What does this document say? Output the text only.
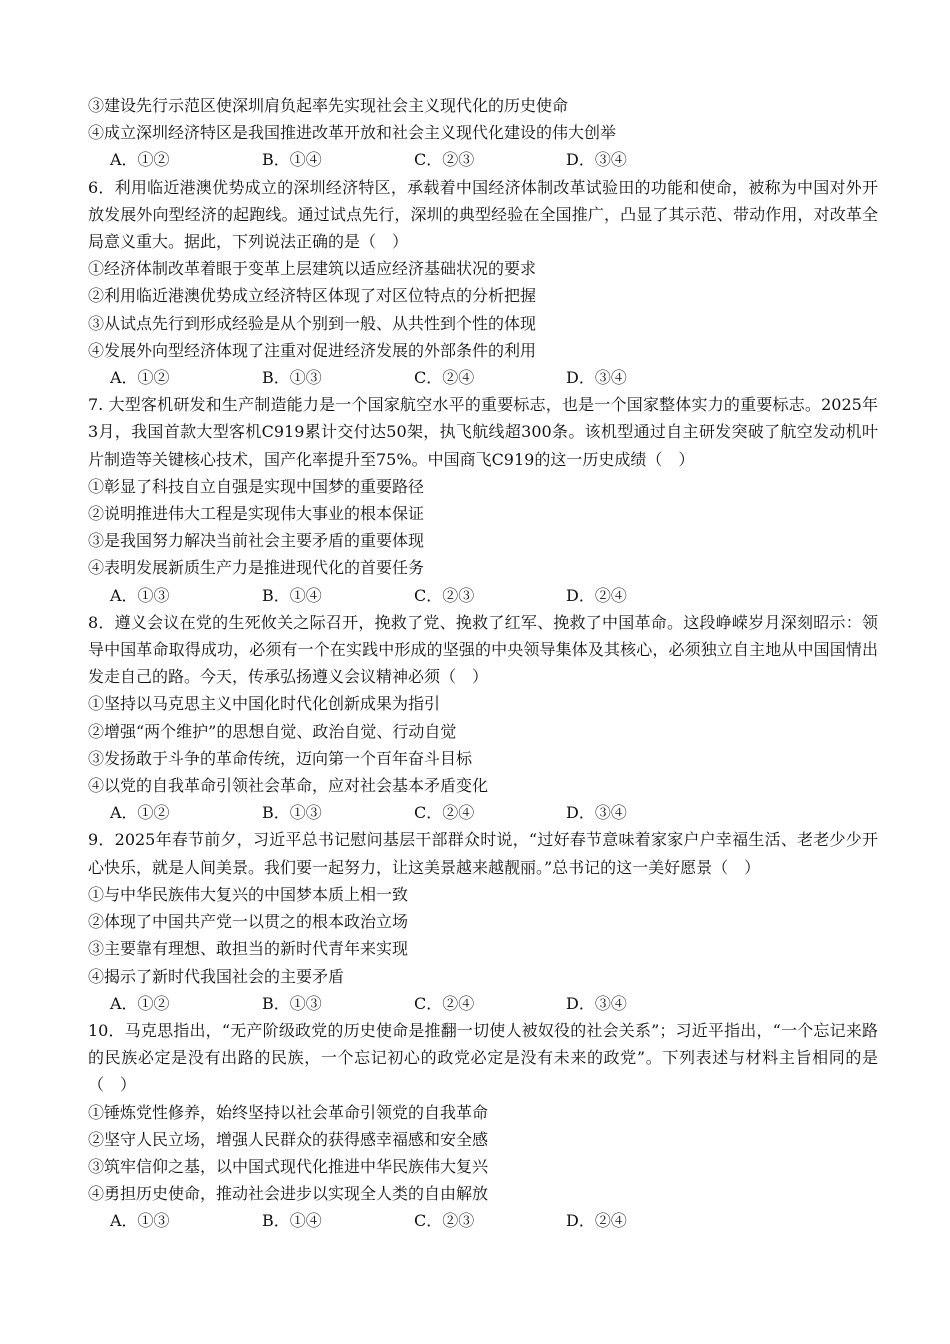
③建设先行示范区使深圳肩负起率先实现社会主义现代化的历史使命
④成立深圳经济特区是我国推进改革开放和社会主义现代化建设的伟大创举
A．①②	B．①④	C．②③	D．③④
6．利用临近港澳优势成立的深圳经济特区，承载着中国经济体制改革试验田的功能和使命，被称为中国对外开放发展外向型经济的起跑线。通过试点先行，深圳的典型经验在全国推广，凸显了其示范、带动作用，对改革全局意义重大。据此，下列说法正确的是（　）
①经济体制改革着眼于变革上层建筑以适应经济基础状况的要求
②利用临近港澳优势成立经济特区体现了对区位特点的分析把握
③从试点先行到形成经验是从个别到一般、从共性到个性的体现
④发展外向型经济体现了注重对促进经济发展的外部条件的利用
A．①②	B．①③	C．②④	D．③④
7. 大型客机研发和生产制造能力是一个国家航空水平的重要标志，也是一个国家整体实力的重要标志。2025年3月，我国首款大型客机C919累计交付达50架，执飞航线超300条。该机型通过自主研发突破了航空发动机叶片制造等关键核心技术，国产化率提升至75%。中国商飞C919的这一历史成绩（　）
①彰显了科技自立自强是实现中国梦的重要路径
②说明推进伟大工程是实现伟大事业的根本保证
③是我国努力解决当前社会主要矛盾的重要体现
④表明发展新质生产力是推进现代化的首要任务
A．①③	B．①④	C．②③	D．②④
8．遵义会议在党的生死攸关之际召开，挽救了党、挽救了红军、挽救了中国革命。这段峥嵘岁月深刻昭示：领导中国革命取得成功，必须有一个在实践中形成的坚强的中央领导集体及其核心，必须独立自主地从中国国情出发走自己的路。今天，传承弘扬遵义会议精神必须（　）
①坚持以马克思主义中国化时代化创新成果为指引
②增强“两个维护”的思想自觉、政治自觉、行动自觉
③发扬敢于斗争的革命传统，迈向第一个百年奋斗目标
④以党的自我革命引领社会革命，应对社会基本矛盾变化
A．①②	B．①③	C．②④	D．③④
9．2025年春节前夕，习近平总书记慰问基层干部群众时说，“过好春节意味着家家户户幸福生活、老老少少开心快乐，就是人间美景。我们要一起努力，让这美景越来越靓丽。”总书记的这一美好愿景（　）
①与中华民族伟大复兴的中国梦本质上相一致
②体现了中国共产党一以贯之的根本政治立场
③主要靠有理想、敢担当的新时代青年来实现
④揭示了新时代我国社会的主要矛盾
A．①②	B．①③	C．②④	D．③④
10．马克思指出，“无产阶级政党的历史使命是推翻一切使人被奴役的社会关系”；习近平指出，“一个忘记来路的民族必定是没有出路的民族，一个忘记初心的政党必定是没有未来的政党”。下列表述与材料主旨相同的是（　）
①锤炼党性修养，始终坚持以社会革命引领党的自我革命
②坚守人民立场，增强人民群众的获得感幸福感和安全感
③筑牢信仰之基，以中国式现代化推进中华民族伟大复兴
④勇担历史使命，推动社会进步以实现全人类的自由解放
A．①③	B．①④	C．②③	D．②④
